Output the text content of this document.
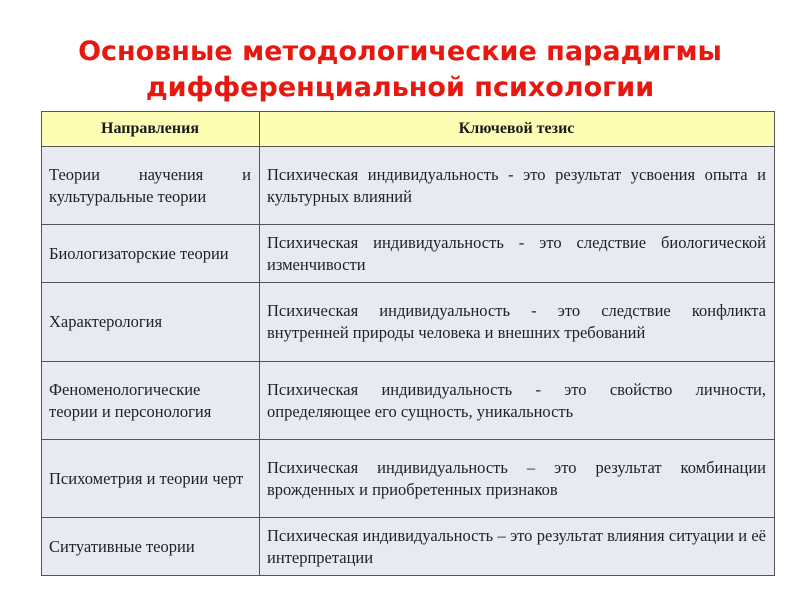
Основные методологические парадигмы
дифференциальной психологии
Направления	Ключевой тезис
Теории научения и культуральные теории	Психическая индивидуальность - это результат усвоения опыта и культурных влияний
Биологизаторские теории	Психическая индивидуальность - это следствие биологической изменчивости
Характерология	Психическая индивидуальность - это следствие конфликта внутренней природы человека и внешних требований
Феноменологические теории и персонология	Психическая индивидуальность - это свойство личности, определяющее его сущность, уникальность
Психометрия и теории черт	Психическая индивидуальность – это результат комбинации врожденных и приобретенных признаков
Ситуативные теории	Психическая индивидуальность – это результат влияния ситуации и её интерпретации
